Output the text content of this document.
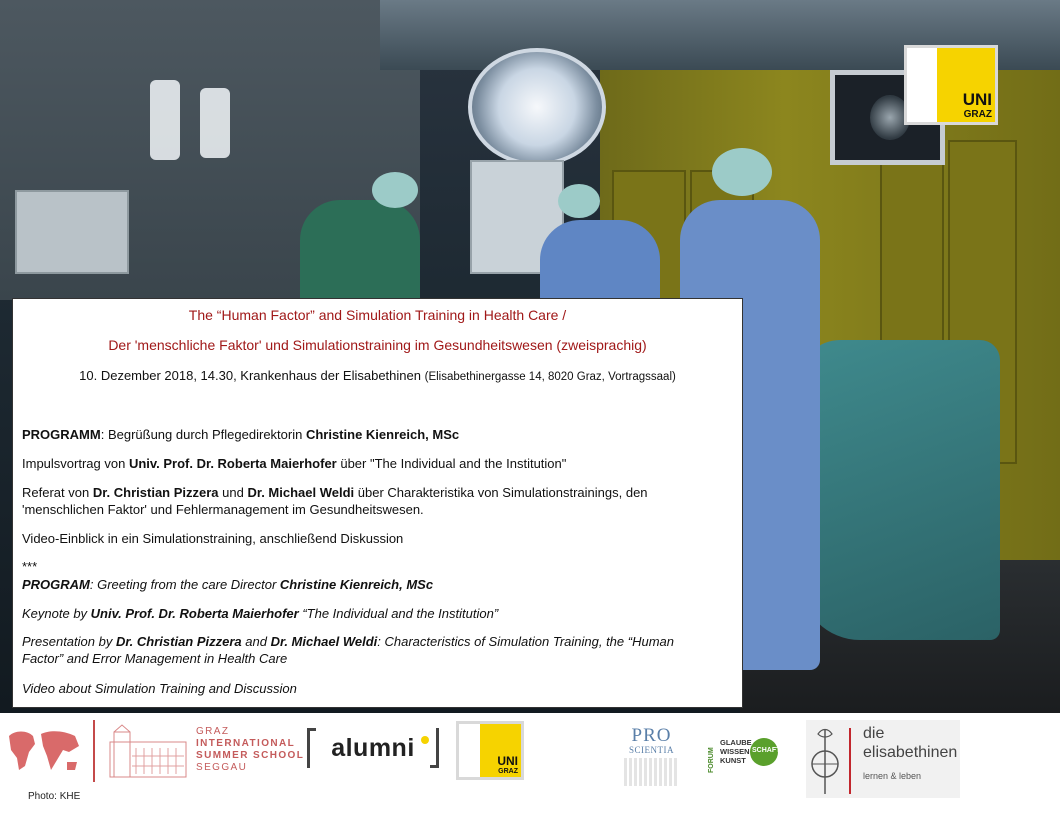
UNI
GRAZ

The “Human Factor” and Simulation Training in Health Care /

Der 'menschliche Faktor' und Simulationstraining im Gesundheitswesen (zweisprachig)

10. Dezember 2018, 14.30, Krankenhaus der Elisabethinen (Elisabethinergasse 14, 8020 Graz, Vortragssaal)

PROGRAMM: Begrüßung durch Pflegedirektorin Christine Kienreich, MSc

Impulsvortrag von Univ. Prof. Dr. Roberta Maierhofer über "The Individual and the Institution"

Referat von Dr. Christian Pizzera und Dr. Michael Weldi über Charakteristika von Simulationstrainings, den
'menschlichen Faktor' und Fehlermanagement im Gesundheitswesen.

Video-Einblick in ein Simulationstraining, anschließend Diskussion

***

PROGRAM: Greeting from the care Director Christine Kienreich, MSc

Keynote by Univ. Prof. Dr. Roberta Maierhofer “The Individual and the Institution”

Presentation by Dr. Christian Pizzera and Dr. Michael Weldi: Characteristics of Simulation Training, the “Human
Factor” and Error Management in Health Care

Video about Simulation Training and Discussion

GRAZ
INTERNATIONAL
SUMMER SCHOOL
SEGGAU
Photo: KHE
alumni	UNI
GRAZ
PRO
SCIENTIA	FORUM
GLAUBE
WISSEN
KUNST
SCHAFT
die
elisabethinen
lernen & leben
